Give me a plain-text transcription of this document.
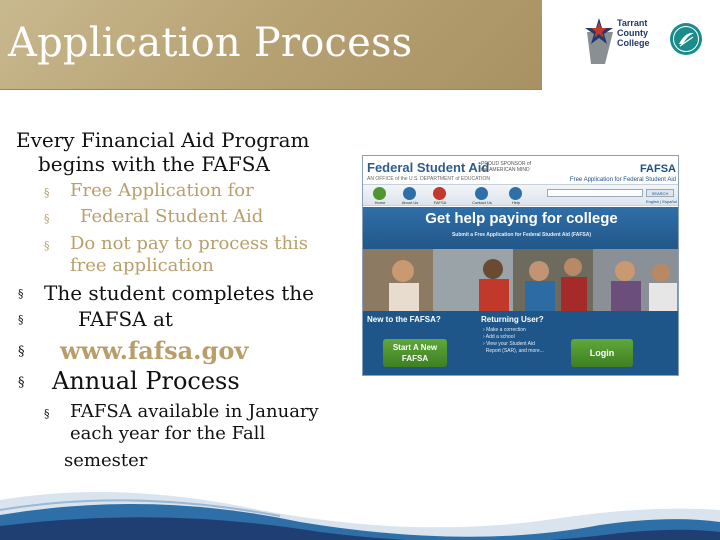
Application Process	Tarrant
County
College
Every Financial Aid Program
begins with the FAFSA
§ Free Application for
§ Federal Student Aid
§ Do not pay to process this
free application
§ The student completes the
§	FAFSA at
§ www.fafsa.gov
§ Annual Process
§ FAFSA available in January
each year for the Fall
semester
Federal Student Aid
AN OFFICE of the U.S. DEPARTMENT of EDUCATION
PROUD SPONSOR of
the AMERICAN MIND	FAFSA
Free Application for Federal Student Aid
Home	About Us	FAFSA	Contact Us	Help
SEARCH
English | Español
Get help paying for college
Submit a Free Application for Federal Student Aid (FAFSA)
New to the FAFSA?
Start A New
FAFSA
Returning User?
› Make a correction
› Add a school
› View your Student Aid
Report (SAR), and more...	Login
